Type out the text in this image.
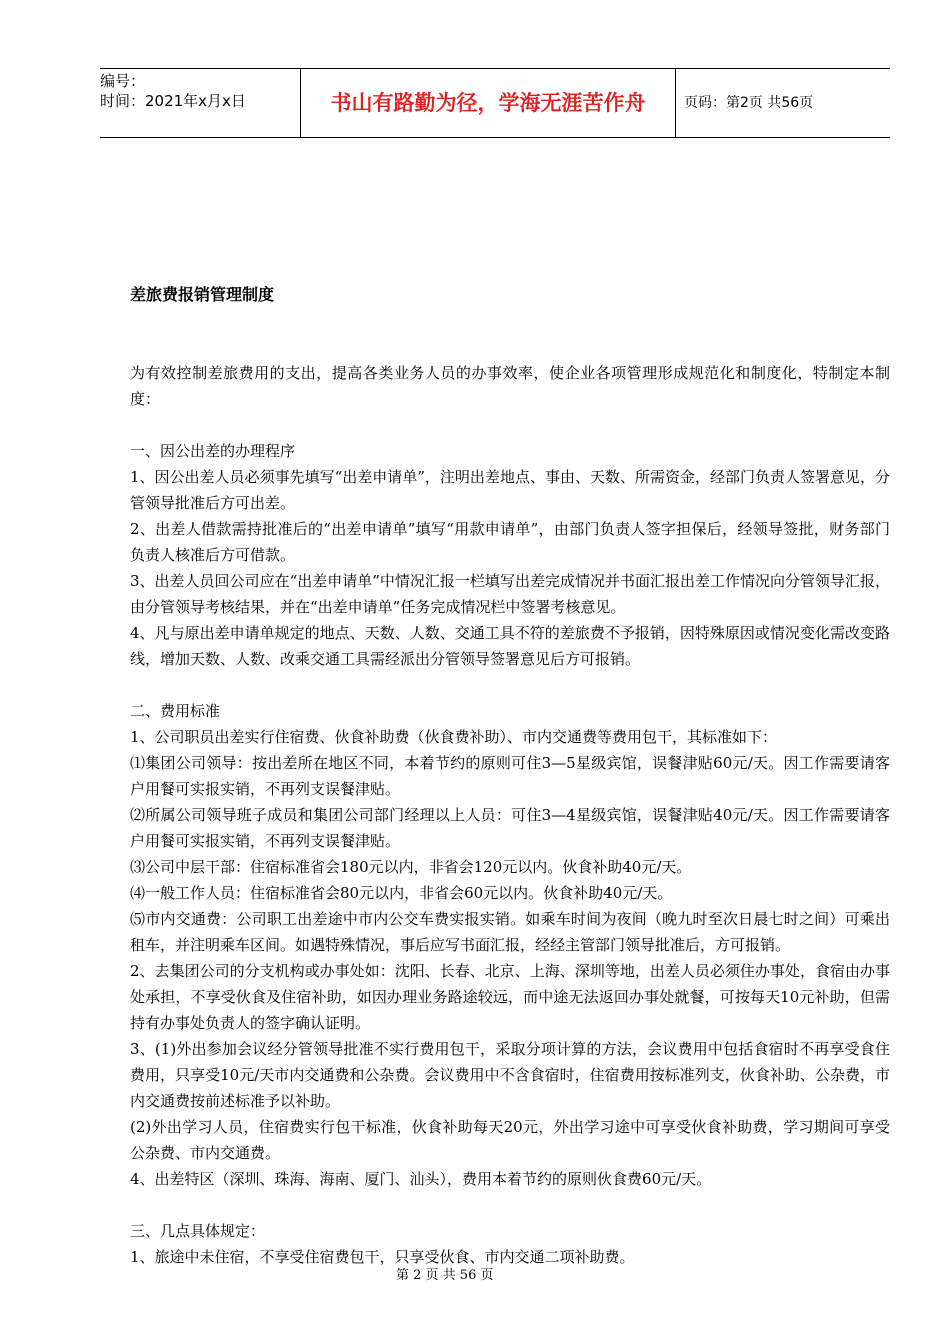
编号：
时间：2021年x月x日	书山有路勤为径，学海无涯苦作舟	页码：第2页 共56页
差旅费报销管理制度

为有效控制差旅费用的支出，提高各类业务人员的办事效率，使企业各项管理形成规范化和制度化，特制定本制度：

一、因公出差的办理程序

1、因公出差人员必须事先填写“出差申请单”，注明出差地点、事由、天数、所需资金，经部门负责人签署意见，分管领导批准后方可出差。

2、出差人借款需持批准后的“出差申请单”填写“用款申请单”，由部门负责人签字担保后，经领导签批，财务部门负责人核准后方可借款。

3、出差人员回公司应在“出差申请单”中情况汇报一栏填写出差完成情况并书面汇报出差工作情况向分管领导汇报，由分管领导考核结果，并在“出差申请单”任务完成情况栏中签署考核意见。

4、凡与原出差申请单规定的地点、天数、人数、交通工具不符的差旅费不予报销，因特殊原因或情况变化需改变路线，增加天数、人数、改乘交通工具需经派出分管领导签署意见后方可报销。

二、费用标准

1、公司职员出差实行住宿费、伙食补助费（伙食费补助）、市内交通费等费用包干，其标准如下：

⑴集团公司领导：按出差所在地区不同，本着节约的原则可住3—5星级宾馆，误餐津贴60元/天。因工作需要请客户用餐可实报实销，不再列支误餐津贴。

⑵所属公司领导班子成员和集团公司部门经理以上人员：可住3—4星级宾馆，误餐津贴40元/天。因工作需要请客户用餐可实报实销，不再列支误餐津贴。

⑶公司中层干部：住宿标准省会180元以内，非省会120元以内。伙食补助40元/天。

⑷一般工作人员：住宿标准省会80元以内，非省会60元以内。伙食补助40元/天。

⑸市内交通费：公司职工出差途中市内公交车费实报实销。如乘车时间为夜间（晚九时至次日晨七时之间）可乘出租车，并注明乘车区间。如遇特殊情况，事后应写书面汇报，经经主管部门领导批准后，方可报销。

2、去集团公司的分支机构或办事处如：沈阳、长春、北京、上海、深圳等地，出差人员必须住办事处，食宿由办事处承担，不享受伙食及住宿补助，如因办理业务路途较远，而中途无法返回办事处就餐，可按每天10元补助，但需持有办事处负责人的签字确认证明。

3、(1)外出参加会议经分管领导批准不实行费用包干，采取分项计算的方法，会议费用中包括食宿时不再享受食住费用，只享受10元/天市内交通费和公杂费。会议费用中不含食宿时，住宿费用按标准列支，伙食补助、公杂费，市内交通费按前述标准予以补助。

(2)外出学习人员，住宿费实行包干标准，伙食补助每天20元，外出学习途中可享受伙食补助费，学习期间可享受公杂费、市内交通费。

4、出差特区（深圳、珠海、海南、厦门、汕头），费用本着节约的原则伙食费60元/天。

三、几点具体规定：

1、旅途中未住宿，不享受住宿费包干，只享受伙食、市内交通二项补助费。

第 2 页 共 56 页
